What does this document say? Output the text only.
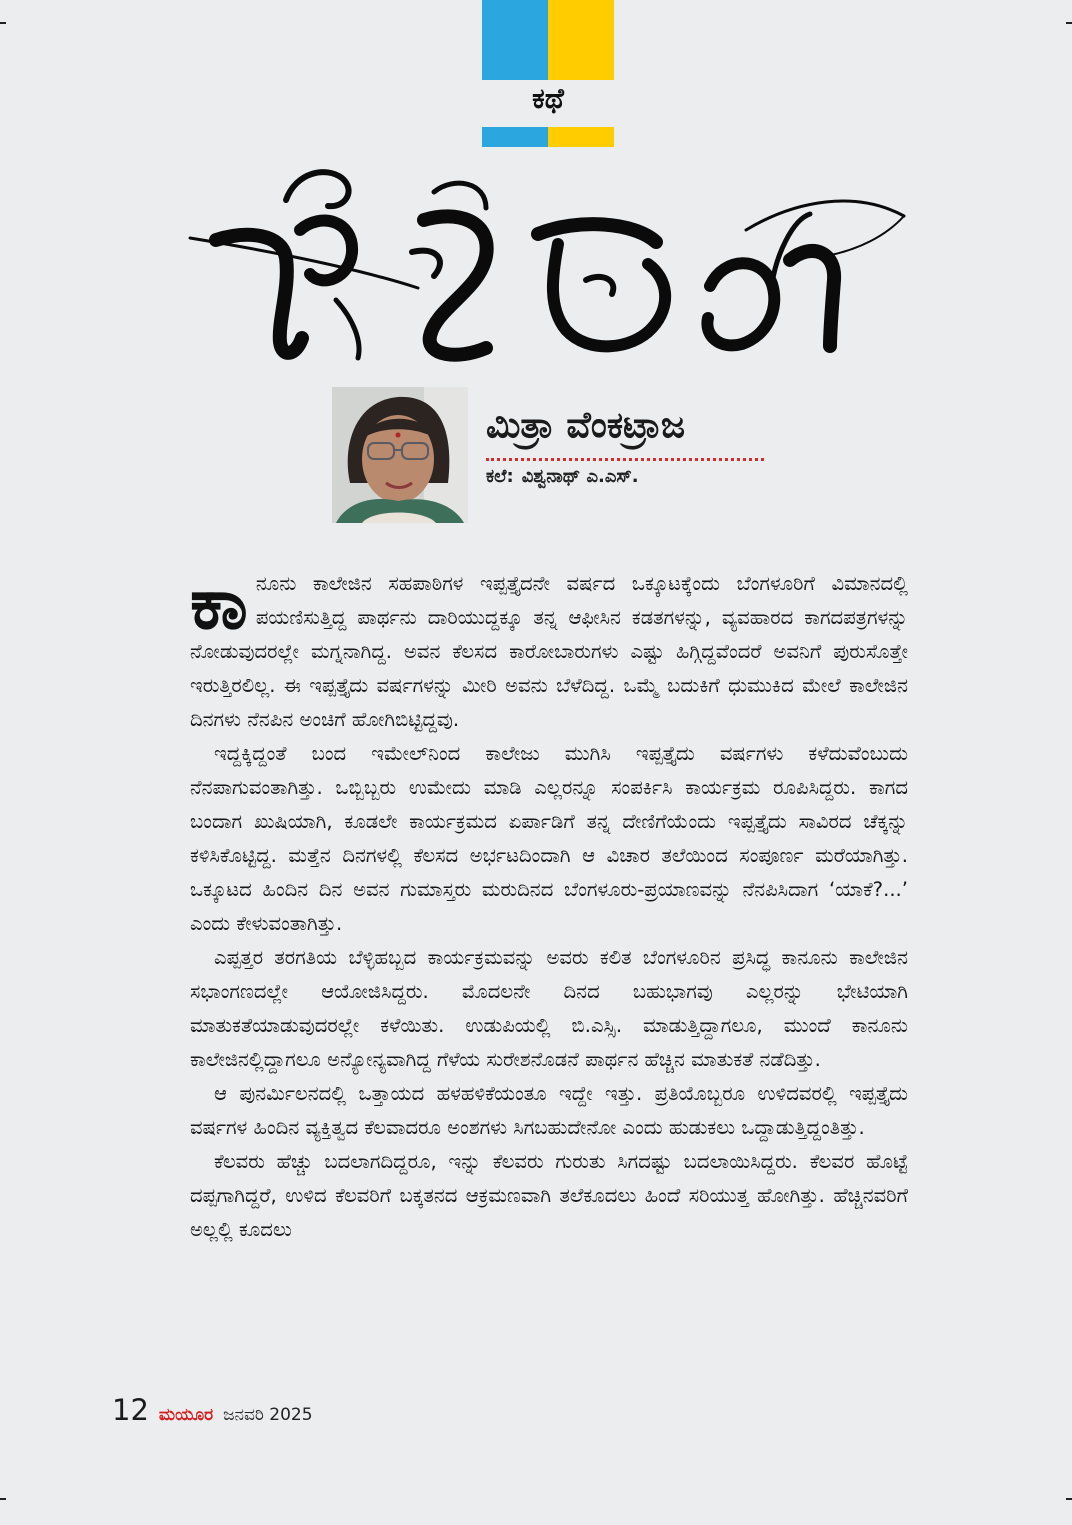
ಕಥೆ
ಮಿತ್ರಾ ವೆಂಕಟ್ರಾಜ
ಕಲೆ: ವಿಶ್ವನಾಥ್ ಎ.ಎಸ್.

ಕಾನೂನು ಕಾಲೇಜಿನ ಸಹಪಾಠಿಗಳ ಇಪ್ಪತ್ತೈದನೇ ವರ್ಷದ ಒಕ್ಕೂಟಕ್ಕೆಂದು ಬೆಂಗಳೂರಿಗೆ ವಿಮಾನದಲ್ಲಿ ಪಯಣಿಸುತ್ತಿದ್ದ ಪಾರ್ಥನು ದಾರಿಯುದ್ದಕ್ಕೂ ತನ್ನ ಆಫೀಸಿನ ಕಡತಗಳನ್ನು, ವ್ಯವಹಾರದ ಕಾಗದಪತ್ರಗಳನ್ನು ನೋಡುವುದರಲ್ಲೇ ಮಗ್ನನಾಗಿದ್ದ. ಅವನ ಕೆಲಸದ ಕಾರೋಬಾರುಗಳು ಎಷ್ಟು ಹಿಗ್ಗಿದ್ದವೆಂದರೆ ಅವನಿಗೆ ಪುರುಸೊತ್ತೇ ಇರುತ್ತಿರಲಿಲ್ಲ. ಈ ಇಪ್ಪತ್ತೈದು ವರ್ಷಗಳನ್ನು ಮೀರಿ ಅವನು ಬೆಳೆದಿದ್ದ. ಒಮ್ಮೆ ಬದುಕಿಗೆ ಧುಮುಕಿದ ಮೇಲೆ ಕಾಲೇಜಿನ ದಿನಗಳು ನೆನಪಿನ ಅಂಚಿಗೆ ಹೋಗಿಬಿಟ್ಟಿದ್ದವು.

ಇದ್ದಕ್ಕಿದ್ದಂತೆ ಬಂದ ಇಮೇಲ್‌ನಿಂದ ಕಾಲೇಜು ಮುಗಿಸಿ ಇಪ್ಪತ್ತೈದು ವರ್ಷಗಳು ಕಳೆದುವೆಂಬುದು ನೆನಪಾಗುವಂತಾಗಿತ್ತು. ಒಬ್ಬಿಬ್ಬರು ಉಮೇದು ಮಾಡಿ ಎಲ್ಲರನ್ನೂ ಸಂಪರ್ಕಿಸಿ ಕಾರ್ಯಕ್ರಮ ರೂಪಿಸಿದ್ದರು. ಕಾಗದ ಬಂದಾಗ ಖುಷಿಯಾಗಿ, ಕೂಡಲೇ ಕಾರ್ಯಕ್ರಮದ ಏರ್ಪಾಡಿಗೆ ತನ್ನ ದೇಣಿಗೆಯೆಂದು ಇಪ್ಪತ್ತೈದು ಸಾವಿರದ ಚೆಕ್ಕನ್ನು ಕಳಿಸಿಕೊಟ್ಟಿದ್ದ. ಮತ್ತೆನ ದಿನಗಳಲ್ಲಿ ಕೆಲಸದ ಅರ್ಭಟದಿಂದಾಗಿ ಆ ವಿಚಾರ ತಲೆಯಿಂದ ಸಂಪೂರ್ಣ ಮರೆಯಾಗಿತ್ತು. ಒಕ್ಕೂಟದ ಹಿಂದಿನ ದಿನ ಅವನ ಗುಮಾಸ್ತರು ಮರುದಿನದ ಬೆಂಗಳೂರು-ಪ್ರಯಾಣವನ್ನು ನೆನಪಿಸಿದಾಗ ‘ಯಾಕೆ?...’ ಎಂದು ಕೇಳುವಂತಾಗಿತ್ತು.

ಎಪ್ಪತ್ತರ ತರಗತಿಯ ಬೆಳ್ಳಿಹಬ್ಬದ ಕಾರ್ಯಕ್ರಮವನ್ನು ಅವರು ಕಲಿತ ಬೆಂಗಳೂರಿನ ಪ್ರಸಿದ್ಧ ಕಾನೂನು ಕಾಲೇಜಿನ ಸಭಾಂಗಣದಲ್ಲೇ ಆಯೋಜಿಸಿದ್ದರು. ಮೊದಲನೇ ದಿನದ ಬಹುಭಾಗವು ಎಲ್ಲರನ್ನು ಭೇಟಿಯಾಗಿ ಮಾತುಕತೆಯಾಡುವುದರಲ್ಲೇ ಕಳೆಯಿತು. ಉಡುಪಿಯಲ್ಲಿ ಬಿ.ಎಸ್ಸಿ. ಮಾಡುತ್ತಿದ್ದಾಗಲೂ, ಮುಂದೆ ಕಾನೂನು ಕಾಲೇಜಿನಲ್ಲಿದ್ದಾಗಲೂ ಅನ್ಯೋನ್ಯವಾಗಿದ್ದ ಗೆಳೆಯ ಸುರೇಶನೊಡನೆ ಪಾರ್ಥನ ಹೆಚ್ಚಿನ ಮಾತುಕತೆ ನಡೆದಿತ್ತು.

ಆ ಪುನರ್ಮಿಲನದಲ್ಲಿ ಒತ್ತಾಯದ ಹಳಹಳಿಕೆಯಂತೂ ಇದ್ದೇ ಇತ್ತು. ಪ್ರತಿಯೊಬ್ಬರೂ ಉಳಿದವರಲ್ಲಿ ಇಪ್ಪತ್ತೈದು ವರ್ಷಗಳ ಹಿಂದಿನ ವ್ಯಕ್ತಿತ್ವದ ಕೆಲವಾದರೂ ಅಂಶಗಳು ಸಿಗಬಹುದೇನೋ ಎಂದು ಹುಡುಕಲು ಒದ್ದಾಡುತ್ತಿದ್ದಂತಿತ್ತು.

ಕೆಲವರು ಹೆಚ್ಚು ಬದಲಾಗದಿದ್ದರೂ, ಇನ್ನು ಕೆಲವರು ಗುರುತು ಸಿಗದಷ್ಟು ಬದಲಾಯಿಸಿದ್ದರು. ಕೆಲವರ ಹೊಟ್ಟೆ ದಪ್ಪಗಾಗಿದ್ದರೆ, ಉಳಿದ ಕೆಲವರಿಗೆ ಬಕ್ಕತನದ ಆಕ್ರಮಣವಾಗಿ ತಲೆಕೂದಲು ಹಿಂದೆ ಸರಿಯುತ್ತ ಹೋಗಿತ್ತು. ಹೆಚ್ಚಿನವರಿಗೆ ಅಲ್ಲಲ್ಲಿ ಕೂದಲು

12 ಮಯೂರ ಜನವರಿ 2025
